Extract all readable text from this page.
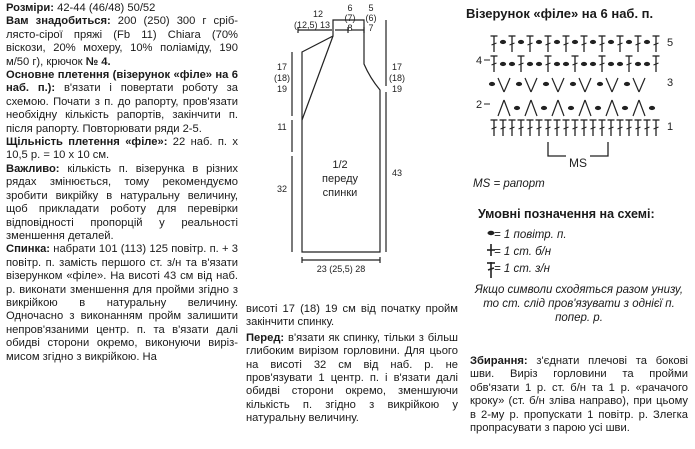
Розміри: 42-44 (46/48) 50/52

Вам знадобиться: 200 (250) 300 г сріб-лясто-сірої пряжі (Fb 11) Chiara (70% віскози, 20% мохеру, 10% поліаміду, 190 м/50 г), крючок № 4.

Основне плетення (візерунок «філе» на 6 наб. п.): в'язати і повертати роботу за схемою. Почати з п. до рапорту, пров'язати необхідну кількість рапортів, закінчити п. після рапорту. Повторювати ряди 2-5.

Щільність плетення «філе»: 22 наб. п. х 10,5 р. = 10 х 10 см.

Важливо: кількість п. візерунка в різних рядах змінюється, тому рекомендуємо зробити викрійку в натуральну величину, щоб прикладати роботу для перевірки відповідності пропорцій у реальності зменшення деталей.

Спинка: набрати 101 (113) 125 повітр. п. + 3 повітр. п. замість першого ст. з/н та в'язати візерунком «філе». На висоті 43 см від наб. р. виконати зменшення для пройми згідно з викрійкою в натуральну величину. Одночасно з виконанням пройм залишити непров'язаними центр. п. та в'язати далі обидві сторони окремо, виконуючи виріз-мисом згідно з викрійкою. На

12
(12,5) 13
6
(7)
8
5
(6)
7
17
(18)
19
17
(18)
19
11
32
43
1/2
переду
спинки
23 (25,5) 28

висоті 17 (18) 19 см від початку пройм закінчити спинку.

Перед: в'язати як спинку, тільки з більш глибоким вирізом горловини. Для цього на висоті 32 см від наб. р. не пров'язувати 1 центр. п. і в'язати далі обидві сторони окремо, зменшуючи кількість п. згідно з викрійкою у натуральну величину.

Візерунок «філе» на 6 наб. п.
5
4
3
2
1
MS
MS = рапорт
Умовні позначення на схемі:
= 1 повітр. п.
= 1 ст. б/н
= 1 ст. з/н
Якщо символи сходяться разом унизу, то ст. слід пров'язувати з однієї п. попер. р.
Збирання: з'єднати плечові та бокові шви. Виріз горловини та пройми обв'язати 1 р. ст. б/н та 1 р. «рачачого кроку» (ст. б/н зліва направо), при цьому в 2-му р. пропускати 1 повітр. р. Злегка пропрасувати з парою усі шви.
